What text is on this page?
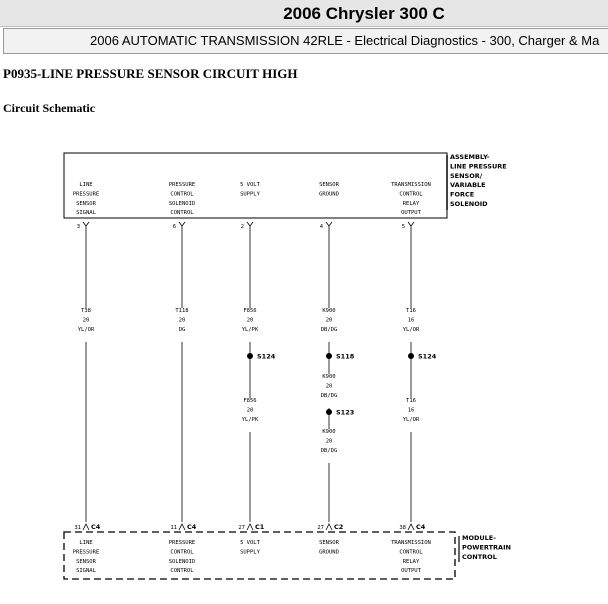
2006 Chrysler 300 C
2006 AUTOMATIC TRANSMISSION 42RLE - Electrical Diagnostics - 300, Charger & Ma
P0935-LINE PRESSURE SENSOR CIRCUIT HIGH
Circuit Schematic
ASSEMBLY-
LINE PRESSURE
SENSOR/
VARIABLE
FORCE
SOLENOID
MODULE-
POWERTRAIN
CONTROL
LINE
PRESSURE
SENSOR
SIGNAL
3
T38
20
YL/OR
31 C4
LINE
PRESSURE
SENSOR
SIGNAL
PRESSURE
CONTROL
SOLENOID
CONTROL
6
T118
20
DG
11 C4
PRESSURE
CONTROL
SOLENOID
CONTROL
5 VOLT
SUPPLY
2
F856
20
YL/PK
F856
20
YL/PK
S124
27 C1
5 VOLT
SUPPLY
SENSOR
GROUND
4
K900
20
DB/DG
K900
20
DB/DG
K900
20
DB/DG
S118
S123
27 C2
SENSOR
GROUND
TRANSMISSION
CONTROL
RELAY
OUTPUT
5
T16
16
YL/OR
T16
16
YL/OR
S124
38 C4
TRANSMISSION
CONTROL
RELAY
OUTPUT
